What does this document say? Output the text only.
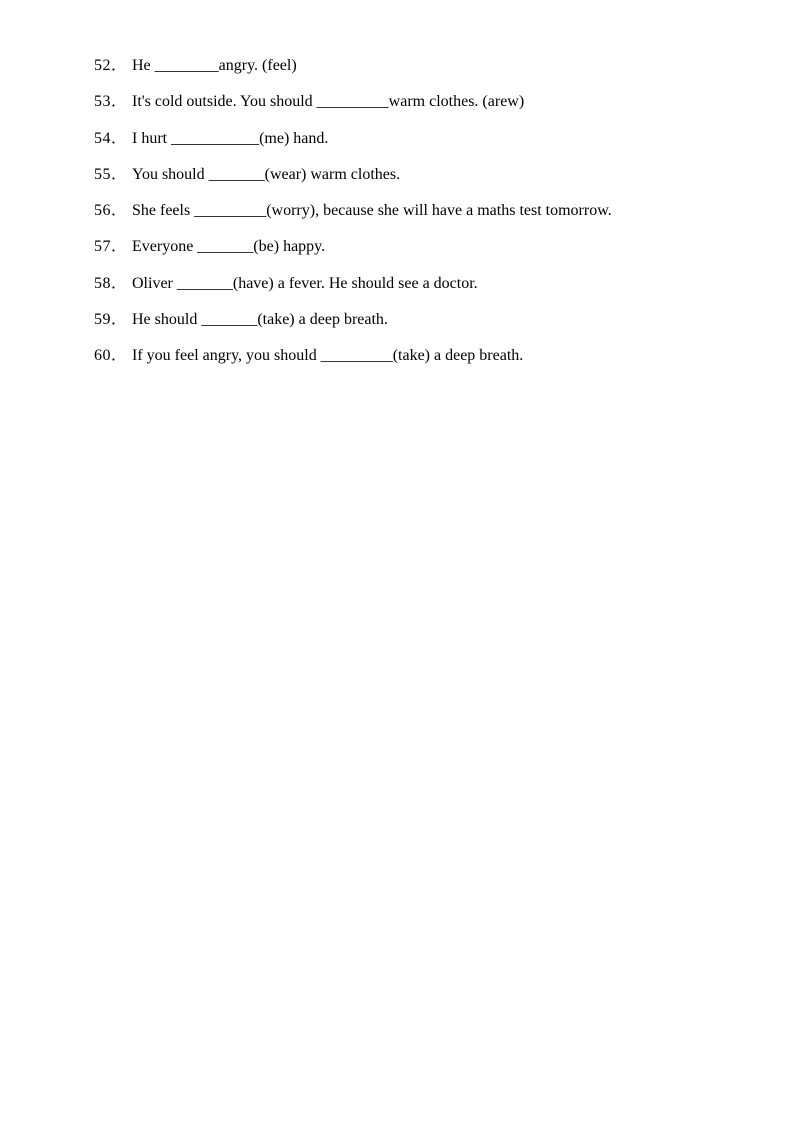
52． He ________angry. (feel)
53． It's cold outside. You should _________warm clothes. (arew)
54． I hurt ___________(me) hand.
55． You should _______(wear) warm clothes.
56． She feels _________(worry), because she will have a maths test tomorrow.
57． Everyone _______(be) happy.
58． Oliver _______(have) a fever. He should see a doctor.
59． He should _______(take) a deep breath.
60． If you feel angry, you should _________(take) a deep breath.
